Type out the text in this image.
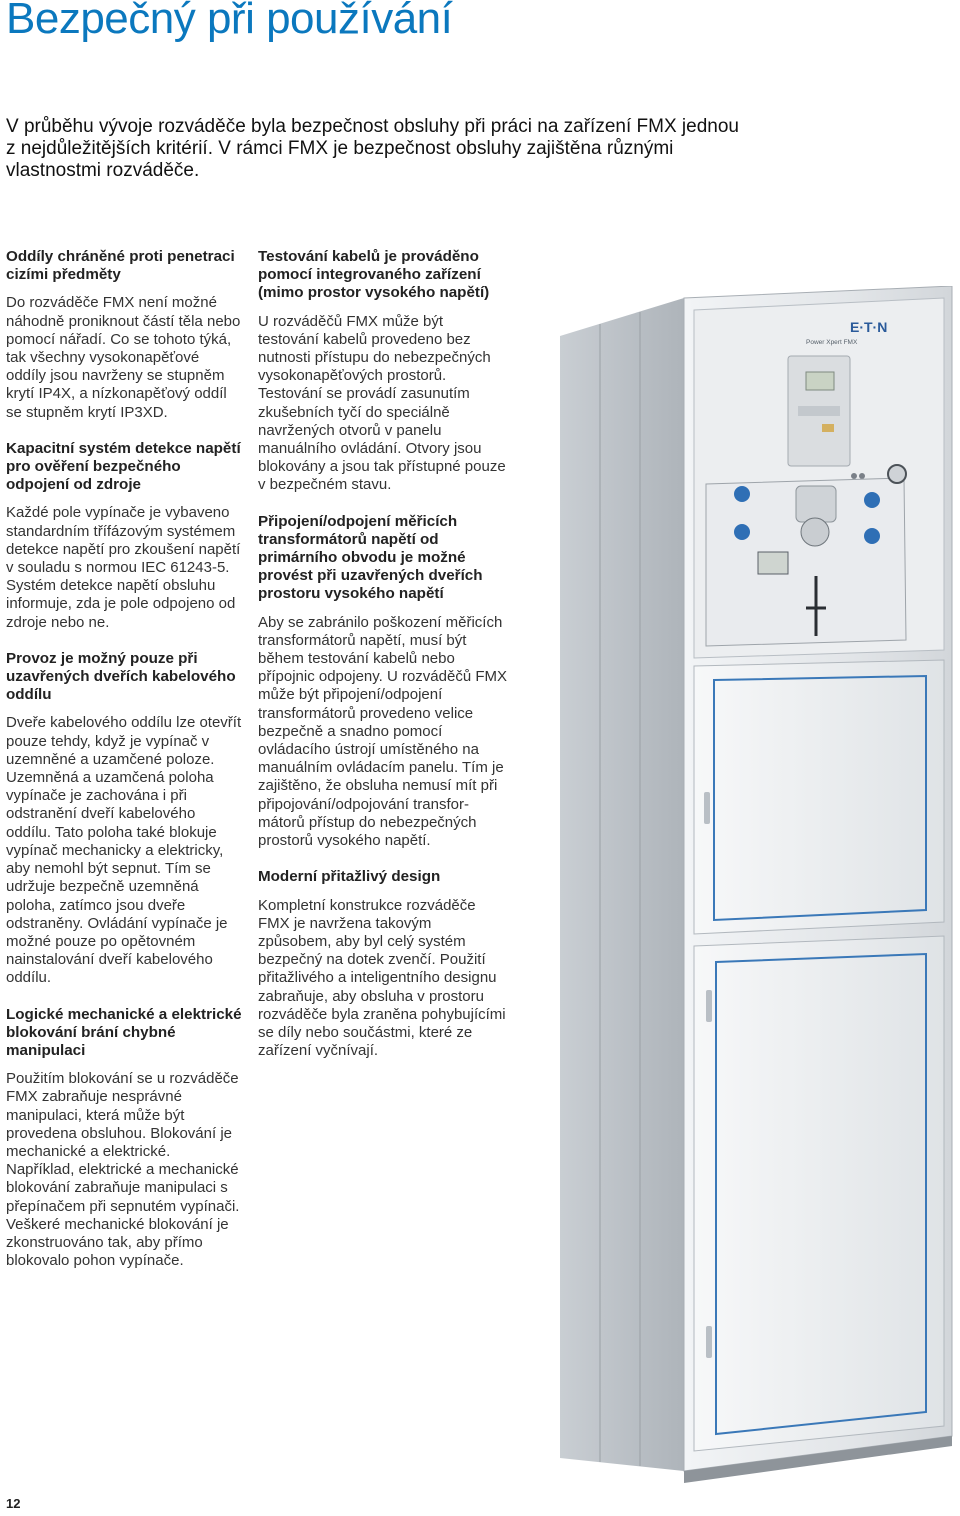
Bezpečný při používání

V průběhu vývoje rozváděče byla bezpečnost obsluhy při práci na zařízení FMX jednou z nejdůležitějších kritérií. V rámci FMX je bezpečnost obsluhy zajištěna různými vlastnostmi rozváděče.

Oddíly chráněné proti penetraci cizími předměty

Do rozváděče FMX není možné náhodně proniknout částí těla nebo pomocí nářadí. Co se tohoto týká, tak všechny vysokonapěťové oddíly jsou navrženy se stupněm krytí IP4X, a nízkonapěťový oddíl se stupněm krytí IP3XD.

Kapacitní systém detekce napětí pro ověření bezpečného odpojení od zdroje

Každé pole vypínače je vybaveno standardním třífázovým systémem detekce napětí pro zkoušení napětí v souladu s normou IEC 61243-5. Systém detekce napětí obsluhu informuje, zda je pole odpojeno od zdroje nebo ne.

Provoz je možný pouze při uzavřených dveřích kabelového oddílu

Dveře kabelového oddílu lze otevřít pouze tehdy, když je vypínač v uzemněné a uzamčené poloze. Uzemněná a uzamčená poloha vypínače je zachována i při odstranění dveří kabelového oddílu. Tato poloha také blokuje vypínač mechanicky a elektricky, aby nemohl být sepnut. Tím se udržuje bezpečně uzemněná poloha, zatímco jsou dveře odstraněny. Ovládání vypínače je možné pouze po opětovném nainstalování dveří kabelového oddílu.

Logické mechanické a elektrické blokování brání chybné manipulaci

Použitím blokování se u rozváděče FMX zabraňuje nesprávné manipulaci, která může být provedena obsluhou. Blokování je mechanické a elektrické. Například, elektrické a mechanické blokování zabraňuje manipulaci s přepínačem při sepnutém vypínači. Veškeré mechanické blokování je zkonstruováno tak, aby přímo blokovalo pohon vypínače.

Testování kabelů je prováděno pomocí integrovaného zařízení (mimo prostor vysokého napětí)

U rozváděčů FMX může být testování kabelů provedeno bez nutnosti přístupu do nebezpečných vysokonapěťových prostorů. Testování se provádí zasunutím zkušebních tyčí do speciálně navržených otvorů v panelu manuálního ovládání. Otvory jsou blokovány a jsou tak přístupné pouze v bezpečném stavu.

Připojení/odpojení měřicích transformátorů napětí od primárního obvodu je možné provést při uzavřených dveřích prostoru vysokého napětí

Aby se zabránilo poškození měřicích transformátorů napětí, musí být během testování kabelů nebo přípojnic odpojeny. U rozváděčů FMX může být připojení/odpojení transformátorů provedeno velice bezpečně a snadno pomocí ovládacího ústrojí umístěného na manuálním ovládacím panelu. Tím je zajištěno, že obsluha nemusí mít při připojování/odpojování transformátorů přístup do nebezpečných prostorů vysokého napětí.

Moderní přitažlivý design

Kompletní konstrukce rozváděče FMX je navržena takovým způsobem, aby byl celý systém bezpečný na dotek zvenčí. Použití přitažlivého a inteligentního designu zabraňuje, aby obsluha v prostoru rozváděče byla zraněna pohybujícími se díly nebo součástmi, které ze zařízení vyčnívají.

E·T·N
Power Xpert FMX
12
